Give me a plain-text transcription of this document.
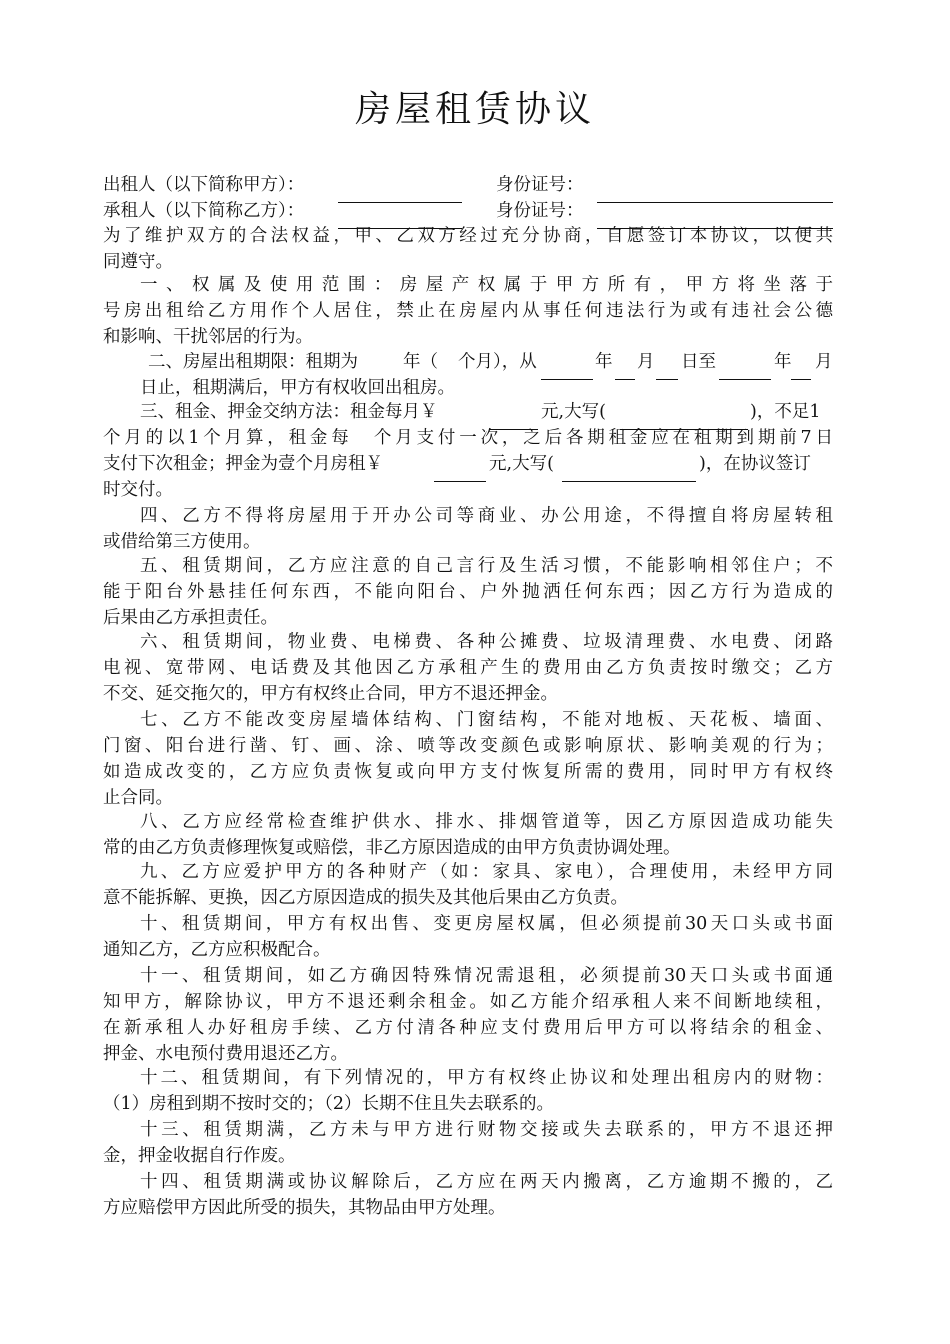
房屋租赁协议
出租人（以下简称甲方）：	身份证号：
承租人（以下简称乙方）：	身份证号：
为了维护双方的合法权益，甲、乙双方经过充分协商，自愿签订本协议，以便共
同遵守。
一、权属及使用范围：房屋产权属于甲方所有，甲方将坐落于
号房出租给乙方用作个人居住，禁止在房屋内从事任何违法行为或有违社会公德
和影响、干扰邻居的行为。
二、房屋出租期限：租期为	年（ 个月），从	年 月 日至	年 月
日止，租期满后，甲方有权收回出租房。
三、租金、押金交纳方法：租金每月￥	元,大写(	)，不足1
个月的以1个月算，租金每　个月支付一次，之后各期租金应在租期到期前7日
支付下次租金；押金为壹个月房租￥	元,大写(	)，在协议签订
时交付。
四、乙方不得将房屋用于开办公司等商业、办公用途，不得擅自将房屋转租
或借给第三方使用。
五、租赁期间，乙方应注意的自己言行及生活习惯，不能影响相邻住户；不
能于阳台外悬挂任何东西，不能向阳台、户外抛洒任何东西；因乙方行为造成的
后果由乙方承担责任。
六、租赁期间，物业费、电梯费、各种公摊费、垃圾清理费、水电费、闭路
电视、宽带网、电话费及其他因乙方承租产生的费用由乙方负责按时缴交；乙方
不交、延交拖欠的，甲方有权终止合同，甲方不退还押金。
七、乙方不能改变房屋墙体结构、门窗结构，不能对地板、天花板、墙面、
门窗、阳台进行凿、钉、画、涂、喷等改变颜色或影响原状、影响美观的行为；
如造成改变的，乙方应负责恢复或向甲方支付恢复所需的费用，同时甲方有权终
止合同。
八、乙方应经常检查维护供水、排水、排烟管道等，因乙方原因造成功能失
常的由乙方负责修理恢复或赔偿，非乙方原因造成的由甲方负责协调处理。
九、乙方应爱护甲方的各种财产（如：家具、家电），合理使用，未经甲方同
意不能拆解、更换，因乙方原因造成的损失及其他后果由乙方负责。
十、租赁期间，甲方有权出售、变更房屋权属，但必须提前30天口头或书面
通知乙方，乙方应积极配合。
十一、租赁期间，如乙方确因特殊情况需退租，必须提前30天口头或书面通
知甲方，解除协议，甲方不退还剩余租金。如乙方能介绍承租人来不间断地续租，
在新承租人办好租房手续、乙方付清各种应支付费用后甲方可以将结余的租金、
押金、水电预付费用退还乙方。
十二、租赁期间，有下列情况的，甲方有权终止协议和处理出租房内的财物：
（1）房租到期不按时交的；（2）长期不住且失去联系的。
十三、租赁期满，乙方未与甲方进行财物交接或失去联系的，甲方不退还押
金，押金收据自行作废。
十四、租赁期满或协议解除后，乙方应在两天内搬离，乙方逾期不搬的，乙
方应赔偿甲方因此所受的损失，其物品由甲方处理。
